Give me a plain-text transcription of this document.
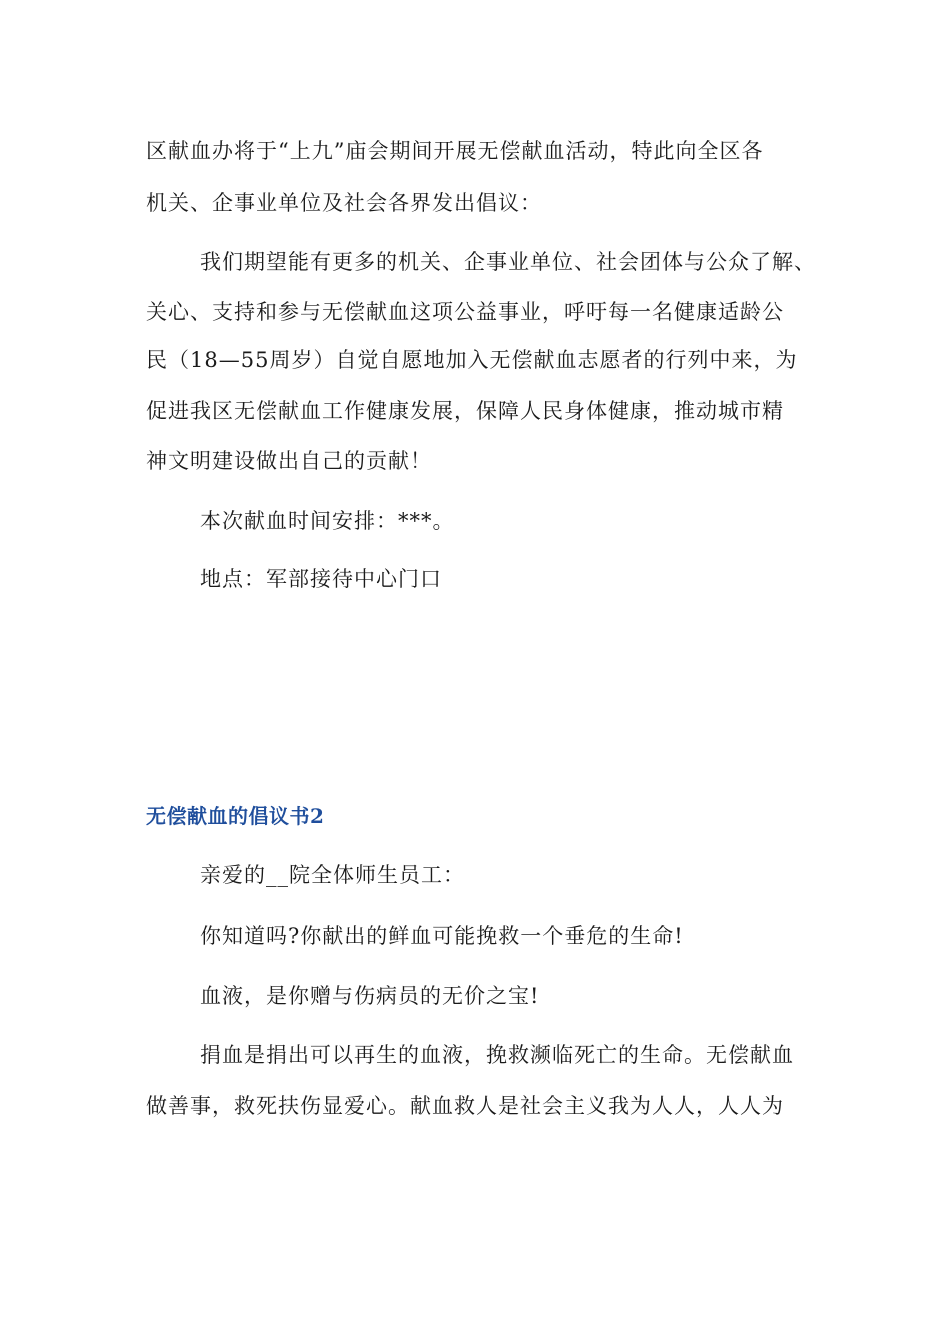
区献血办将于“上九”庙会期间开展无偿献血活动，特此向全区各
机关、企事业单位及社会各界发出倡议：
我们期望能有更多的机关、企事业单位、社会团体与公众了解、
关心、支持和参与无偿献血这项公益事业，呼吁每一名健康适龄公
民（18—55周岁）自觉自愿地加入无偿献血志愿者的行列中来，为
促进我区无偿献血工作健康发展，保障人民身体健康，推动城市精
神文明建设做出自己的贡献！
本次献血时间安排：***。
地点：军部接待中心门口
无偿献血的倡议书2
亲爱的__院全体师生员工：
你知道吗?你献出的鲜血可能挽救一个垂危的生命!
血液，是你赠与伤病员的无价之宝!
捐血是捐出可以再生的血液，挽救濒临死亡的生命。无偿献血
做善事，救死扶伤显爱心。献血救人是社会主义我为人人，人人为
